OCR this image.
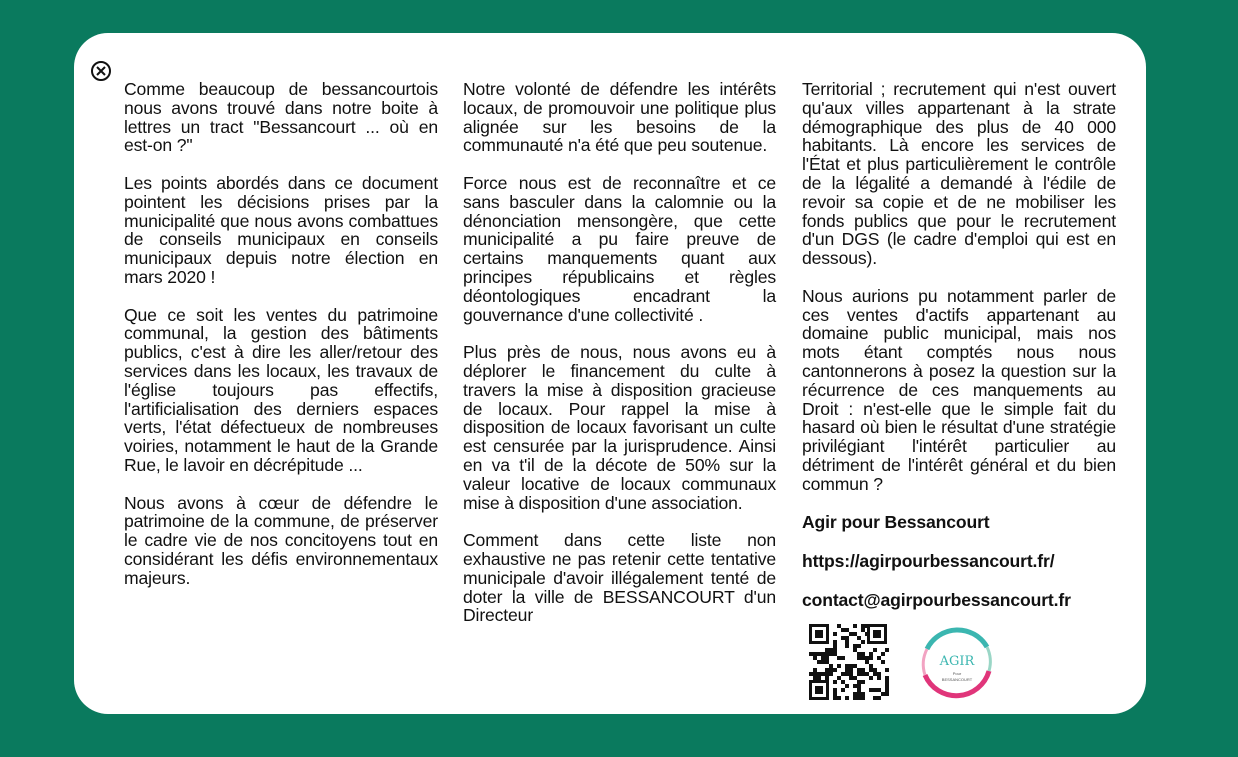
Comme beaucoup de bessancourtois nous avons trouvé dans notre boite à lettres un tract "Bessancourt ... où en est-on ?"

Les points abordés dans ce document pointent les décisions prises par la municipalité que nous avons combattues de conseils municipaux en conseils municipaux depuis notre élection en mars 2020 !

Que ce soit les ventes du patrimoine communal, la gestion des bâtiments publics, c'est à dire les aller/retour des services dans les locaux, les travaux de l'église toujours pas effectifs, l'artificialisation des derniers espaces verts, l'état défectueux de nombreuses voiries, notamment le haut de la Grande Rue, le lavoir en décrépitude ...

Nous avons à cœur de défendre le patrimoine de la commune, de préserver le cadre vie de nos concitoyens tout en considérant les défis environnementaux majeurs.

Notre volonté de défendre les intérêts locaux, de promouvoir une politique plus alignée sur les besoins de la communauté n'a été que peu soutenue.

Force nous est de reconnaître et ce sans basculer dans la calomnie ou la dénonciation mensongère, que cette municipalité a pu faire preuve de certains manquements quant aux principes républicains et règles déontologiques encadrant la gouvernance d'une collectivité .

Plus près de nous, nous avons eu à déplorer le financement du culte à travers la mise à disposition gracieuse de locaux. Pour rappel la mise à disposition de locaux favorisant un culte est censurée par la jurisprudence. Ainsi en va t'il de la décote de 50% sur la valeur locative de locaux communaux mise à disposition d'une association.

Comment dans cette liste non exhaustive ne pas retenir cette tentative municipale d'avoir illégalement tenté de doter la ville de BESSANCOURT d'un Directeur

Territorial ; recrutement qui n'est ouvert qu'aux villes appartenant à la strate démographique des plus de 40 000 habitants. Là encore les services de l'État et plus particulièrement le contrôle de la légalité a demandé à l'édile de revoir sa copie et de ne mobiliser les fonds publics que pour le recrutement d'un DGS (le cadre d'emploi qui est en dessous).

Nous aurions pu notamment parler de ces ventes d'actifs appartenant au domaine public municipal, mais nos mots étant comptés nous nous cantonnerons à posez la question sur la récurrence de ces manquements au Droit : n'est-elle que le simple fait du hasard où bien le résultat d'une stratégie privilégiant l'intérêt particulier au détriment de l'intérêt général et du bien commun ?

Agir pour Bessancourt

https://agirpourbessancourt.fr/

contact@agirpourbessancourt.fr

AGIR
Pour
BESSANCOURT
